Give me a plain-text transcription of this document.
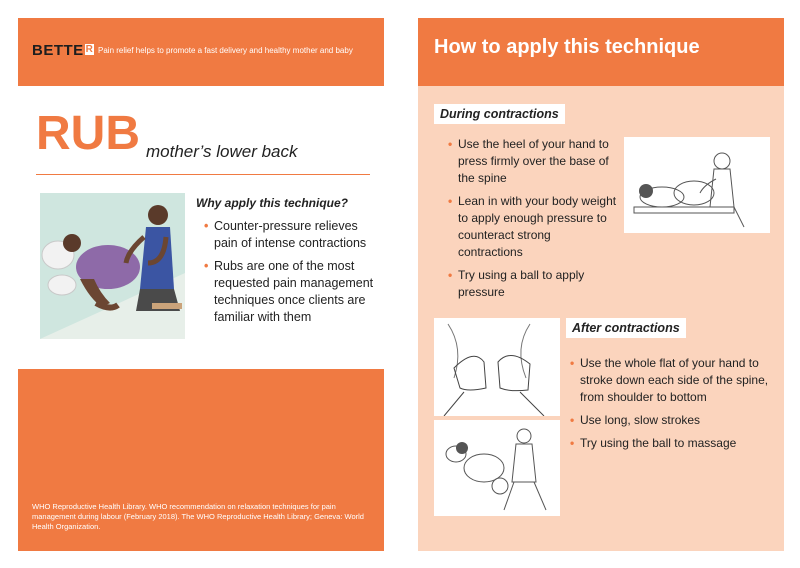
BETTE R Pain relief helps to promote a fast delivery and healthy mother and baby
RUB mother’s lower back
Why apply this technique?
• Counter-pressure relieves pain of intense contractions
• Rubs are one of the most requested pain management techniques once clients are familiar with them
WHO Reproductive Health Library. WHO recommendation on relaxation techniques for pain management during labour (February 2018). The WHO Reproductive Health Library; Geneva: World Health Organization.
How to apply this technique
During contractions
• Use the heel of your hand to press firmly over the base of the spine
• Lean in with your body weight to apply enough pressure to counteract strong contractions
• Try using a ball to apply pressure
After contractions
• Use the whole flat of your hand to stroke down each side of the spine, from shoulder to bottom
• Use long, slow strokes
• Try using the ball to massage
